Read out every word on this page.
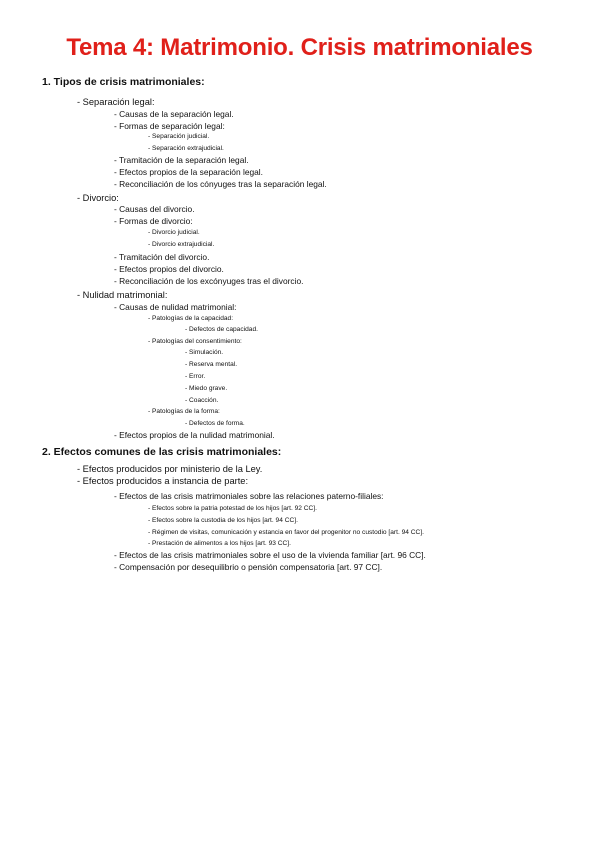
Tema 4: Matrimonio. Crisis matrimoniales
1. Tipos de crisis matrimoniales:
- Separación legal:
- Causas de la separación legal.
- Formas de separación legal:
- Separación judicial.
- Separación extrajudicial.
- Tramitación de la separación legal.
- Efectos propios de la separación legal.
- Reconciliación de los cónyuges tras la separación legal.
- Divorcio:
- Causas del divorcio.
- Formas de divorcio:
- Divorcio judicial.
- Divorcio extrajudicial.
- Tramitación del divorcio.
- Efectos propios del divorcio.
- Reconciliación de los excónyuges tras el divorcio.
- Nulidad matrimonial:
- Causas de nulidad matrimonial:
- Patologías de la capacidad:
- Defectos de capacidad.
- Patologías del consentimiento:
- Simulación.
- Reserva mental.
- Error.
- Miedo grave.
- Coacción.
- Patologías de la forma:
- Defectos de forma.
- Efectos propios de la nulidad matrimonial.
2. Efectos comunes de las crisis matrimoniales:
- Efectos producidos por ministerio de la Ley.
- Efectos producidos a instancia de parte:
- Efectos de las crisis matrimoniales sobre las relaciones paterno-filiales:
- Efectos sobre la patria potestad de los hijos [art. 92 CC].
- Efectos sobre la custodia de los hijos [art. 94 CC].
- Régimen de visitas, comunicación y estancia en favor del progenitor no custodio [art. 94 CC].
- Prestación de alimentos a los hijos [art. 93 CC].
- Efectos de las crisis matrimoniales sobre el uso de la vivienda familiar [art. 96 CC].
- Compensación por desequilibrio o pensión compensatoria [art. 97 CC].
